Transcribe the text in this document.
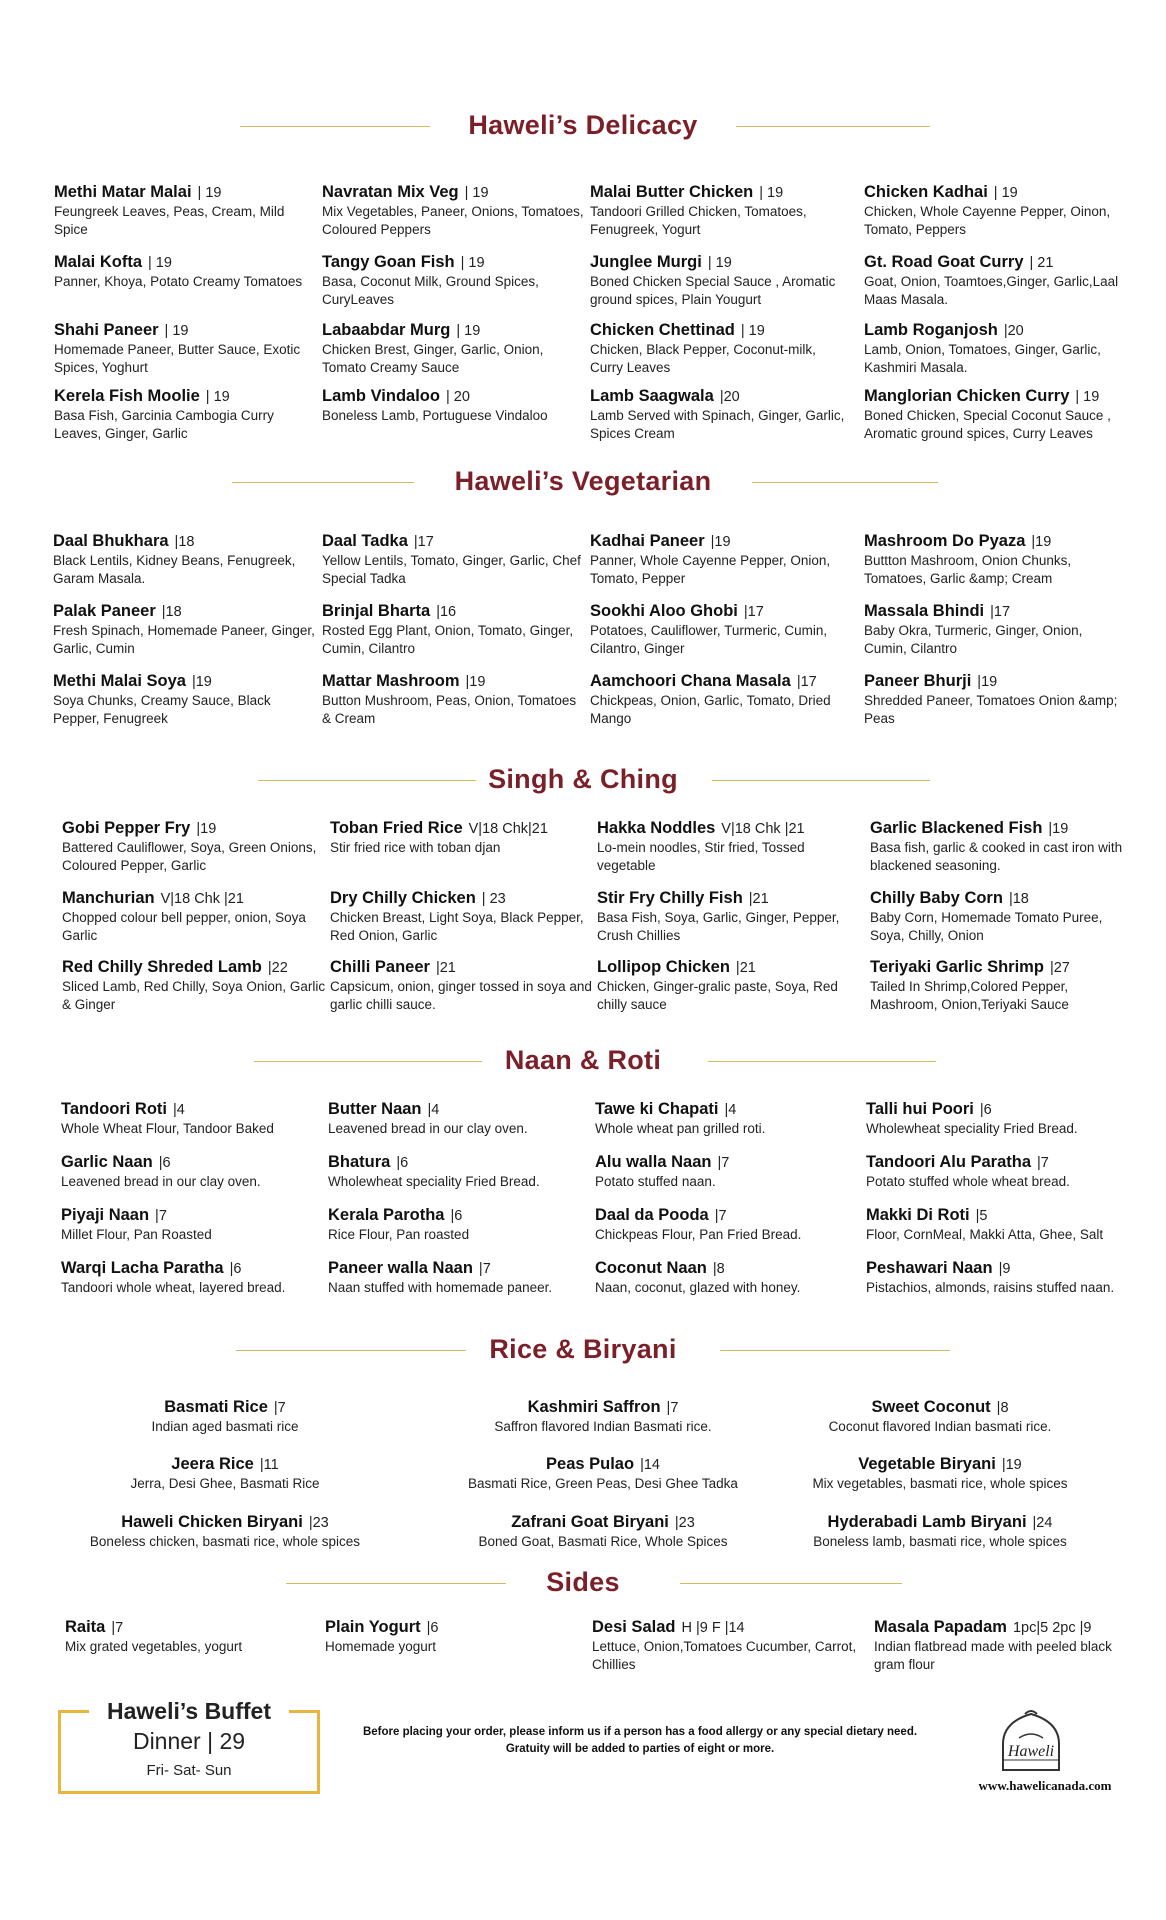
Haweli’s Delicacy
Methi Matar Malai | 19
Feungreek Leaves, Peas, Cream, Mild Spice
Navratan Mix Veg | 19
Mix Vegetables, Paneer, Onions, Tomatoes, Coloured Peppers
Malai Butter Chicken | 19
Tandoori Grilled Chicken, Tomatoes, Fenugreek, Yogurt
Chicken Kadhai | 19
Chicken, Whole Cayenne Pepper, Oinon, Tomato, Peppers
Malai Kofta | 19
Panner, Khoya, Potato Creamy Tomatoes
Tangy Goan Fish | 19
Basa, Coconut Milk, Ground Spices, CuryLeaves
Junglee Murgi | 19
Boned Chicken Special Sauce , Aromatic ground spices, Plain Yougurt
Gt. Road Goat Curry | 21
Goat, Onion, Toamtoes,Ginger, Garlic,Laal Maas Masala.
Shahi Paneer | 19
Homemade Paneer, Butter Sauce, Exotic Spices, Yoghurt
Labaabdar Murg | 19
Chicken Brest, Ginger, Garlic, Onion, Tomato Creamy Sauce
Chicken Chettinad | 19
Chicken, Black Pepper, Coconut-milk, Curry Leaves
Lamb Roganjosh |20
Lamb, Onion, Tomatoes, Ginger, Garlic, Kashmiri Masala.
Kerela Fish Moolie | 19
Basa Fish, Garcinia Cambogia Curry Leaves, Ginger, Garlic
Lamb Vindaloo | 20
Boneless Lamb, Portuguese Vindaloo
Lamb Saagwala |20
Lamb Served with Spinach, Ginger, Garlic, Spices Cream
Manglorian Chicken Curry | 19
Boned Chicken, Special Coconut Sauce , Aromatic ground spices, Curry Leaves
Haweli’s Vegetarian
Daal Bhukhara |18
Black Lentils, Kidney Beans, Fenugreek, Garam Masala.
Daal Tadka |17
Yellow Lentils, Tomato, Ginger, Garlic, Chef Special Tadka
Kadhai Paneer |19
Panner, Whole Cayenne Pepper, Onion, Tomato, Pepper
Mashroom Do Pyaza |19
Buttton Mashroom, Onion Chunks, Tomatoes, Garlic &amp; Cream
Palak Paneer |18
Fresh Spinach, Homemade Paneer, Ginger, Garlic, Cumin
Brinjal Bharta |16
Rosted Egg Plant, Onion, Tomato, Ginger, Cumin, Cilantro
Sookhi Aloo Ghobi |17
Potatoes, Cauliflower, Turmeric, Cumin, Cilantro, Ginger
Massala Bhindi |17
Baby Okra, Turmeric, Ginger, Onion, Cumin, Cilantro
Methi Malai Soya |19
Soya Chunks, Creamy Sauce, Black Pepper, Fenugreek
Mattar Mashroom |19
Button Mushroom, Peas, Onion, Tomatoes & Cream
Aamchoori Chana Masala |17
Chickpeas, Onion, Garlic, Tomato, Dried Mango
Paneer Bhurji |19
Shredded Paneer, Tomatoes Onion &amp; Peas
Singh & Ching
Gobi Pepper Fry |19
Battered Cauliflower, Soya, Green Onions, Coloured Pepper, Garlic
Toban Fried Rice V|18 Chk|21
Stir fried rice with toban djan
Hakka Noddles V|18 Chk |21
Lo-mein noodles, Stir fried, Tossed vegetable
Garlic Blackened Fish |19
Basa fish, garlic & cooked in cast iron with blackened seasoning.
Manchurian V|18 Chk |21
Chopped colour bell pepper, onion, Soya Garlic
Dry Chilly Chicken | 23
Chicken Breast, Light Soya, Black Pepper, Red Onion, Garlic
Stir Fry Chilly Fish |21
Basa Fish, Soya, Garlic, Ginger, Pepper, Crush Chillies
Chilly Baby Corn |18
Baby Corn, Homemade Tomato Puree, Soya, Chilly, Onion
Red Chilly Shreded Lamb |22
Sliced Lamb, Red Chilly, Soya Onion, Garlic & Ginger
Chilli Paneer |21
Capsicum, onion, ginger tossed in soya and garlic chilli sauce.
Lollipop Chicken |21
Chicken, Ginger-gralic paste, Soya, Red chilly sauce
Teriyaki Garlic Shrimp |27
Tailed In Shrimp,Colored Pepper, Mashroom, Onion,Teriyaki Sauce
Naan & Roti
Tandoori Roti |4
Whole Wheat Flour, Tandoor Baked
Butter Naan |4
Leavened bread in our clay oven.
Tawe ki Chapati |4
Whole wheat pan grilled roti.
Talli hui Poori |6
Wholewheat speciality Fried Bread.
Garlic Naan |6
Leavened bread in our clay oven.
Bhatura |6
Wholewheat speciality Fried Bread.
Alu walla Naan |7
Potato stuffed naan.
Tandoori Alu Paratha |7
Potato stuffed whole wheat bread.
Piyaji Naan |7
Millet Flour, Pan Roasted
Kerala Parotha |6
Rice Flour, Pan roasted
Daal da Pooda |7
Chickpeas Flour, Pan Fried Bread.
Makki Di Roti |5
Floor, CornMeal, Makki Atta, Ghee, Salt
Warqi Lacha Paratha |6
Tandoori whole wheat, layered bread.
Paneer walla Naan |7
Naan stuffed with homemade paneer.
Coconut Naan |8
Naan, coconut, glazed with honey.
Peshawari Naan |9
Pistachios, almonds, raisins stuffed naan.
Rice & Biryani
Basmati Rice |7
Indian aged basmati rice
Kashmiri Saffron |7
Saffron flavored Indian Basmati rice.
Sweet Coconut |8
Coconut flavored Indian basmati rice.
Jeera Rice |11
Jerra, Desi Ghee, Basmati Rice
Peas Pulao |14
Basmati Rice, Green Peas, Desi Ghee Tadka
Vegetable Biryani |19
Mix vegetables, basmati rice, whole spices
Haweli Chicken Biryani |23
Boneless chicken, basmati rice, whole spices
Zafrani Goat Biryani |23
Boned Goat, Basmati Rice, Whole Spices
Hyderabadi Lamb Biryani |24
Boneless lamb, basmati rice, whole spices
Sides
Raita |7
Mix grated vegetables, yogurt
Plain Yogurt |6
Homemade yogurt
Desi Salad H |9 F |14
Lettuce, Onion,Tomatoes Cucumber, Carrot, Chillies
Masala Papadam 1pc|5 2pc |9
Indian flatbread made with peeled black gram flour
Haweli’s Buffet
Dinner | 29
Fri- Sat- Sun
Before placing your order, please inform us if a person has a food allergy or any special dietary need.
Gratuity will be added to parties of eight or more.	Haweli
www.hawelicanada.com
